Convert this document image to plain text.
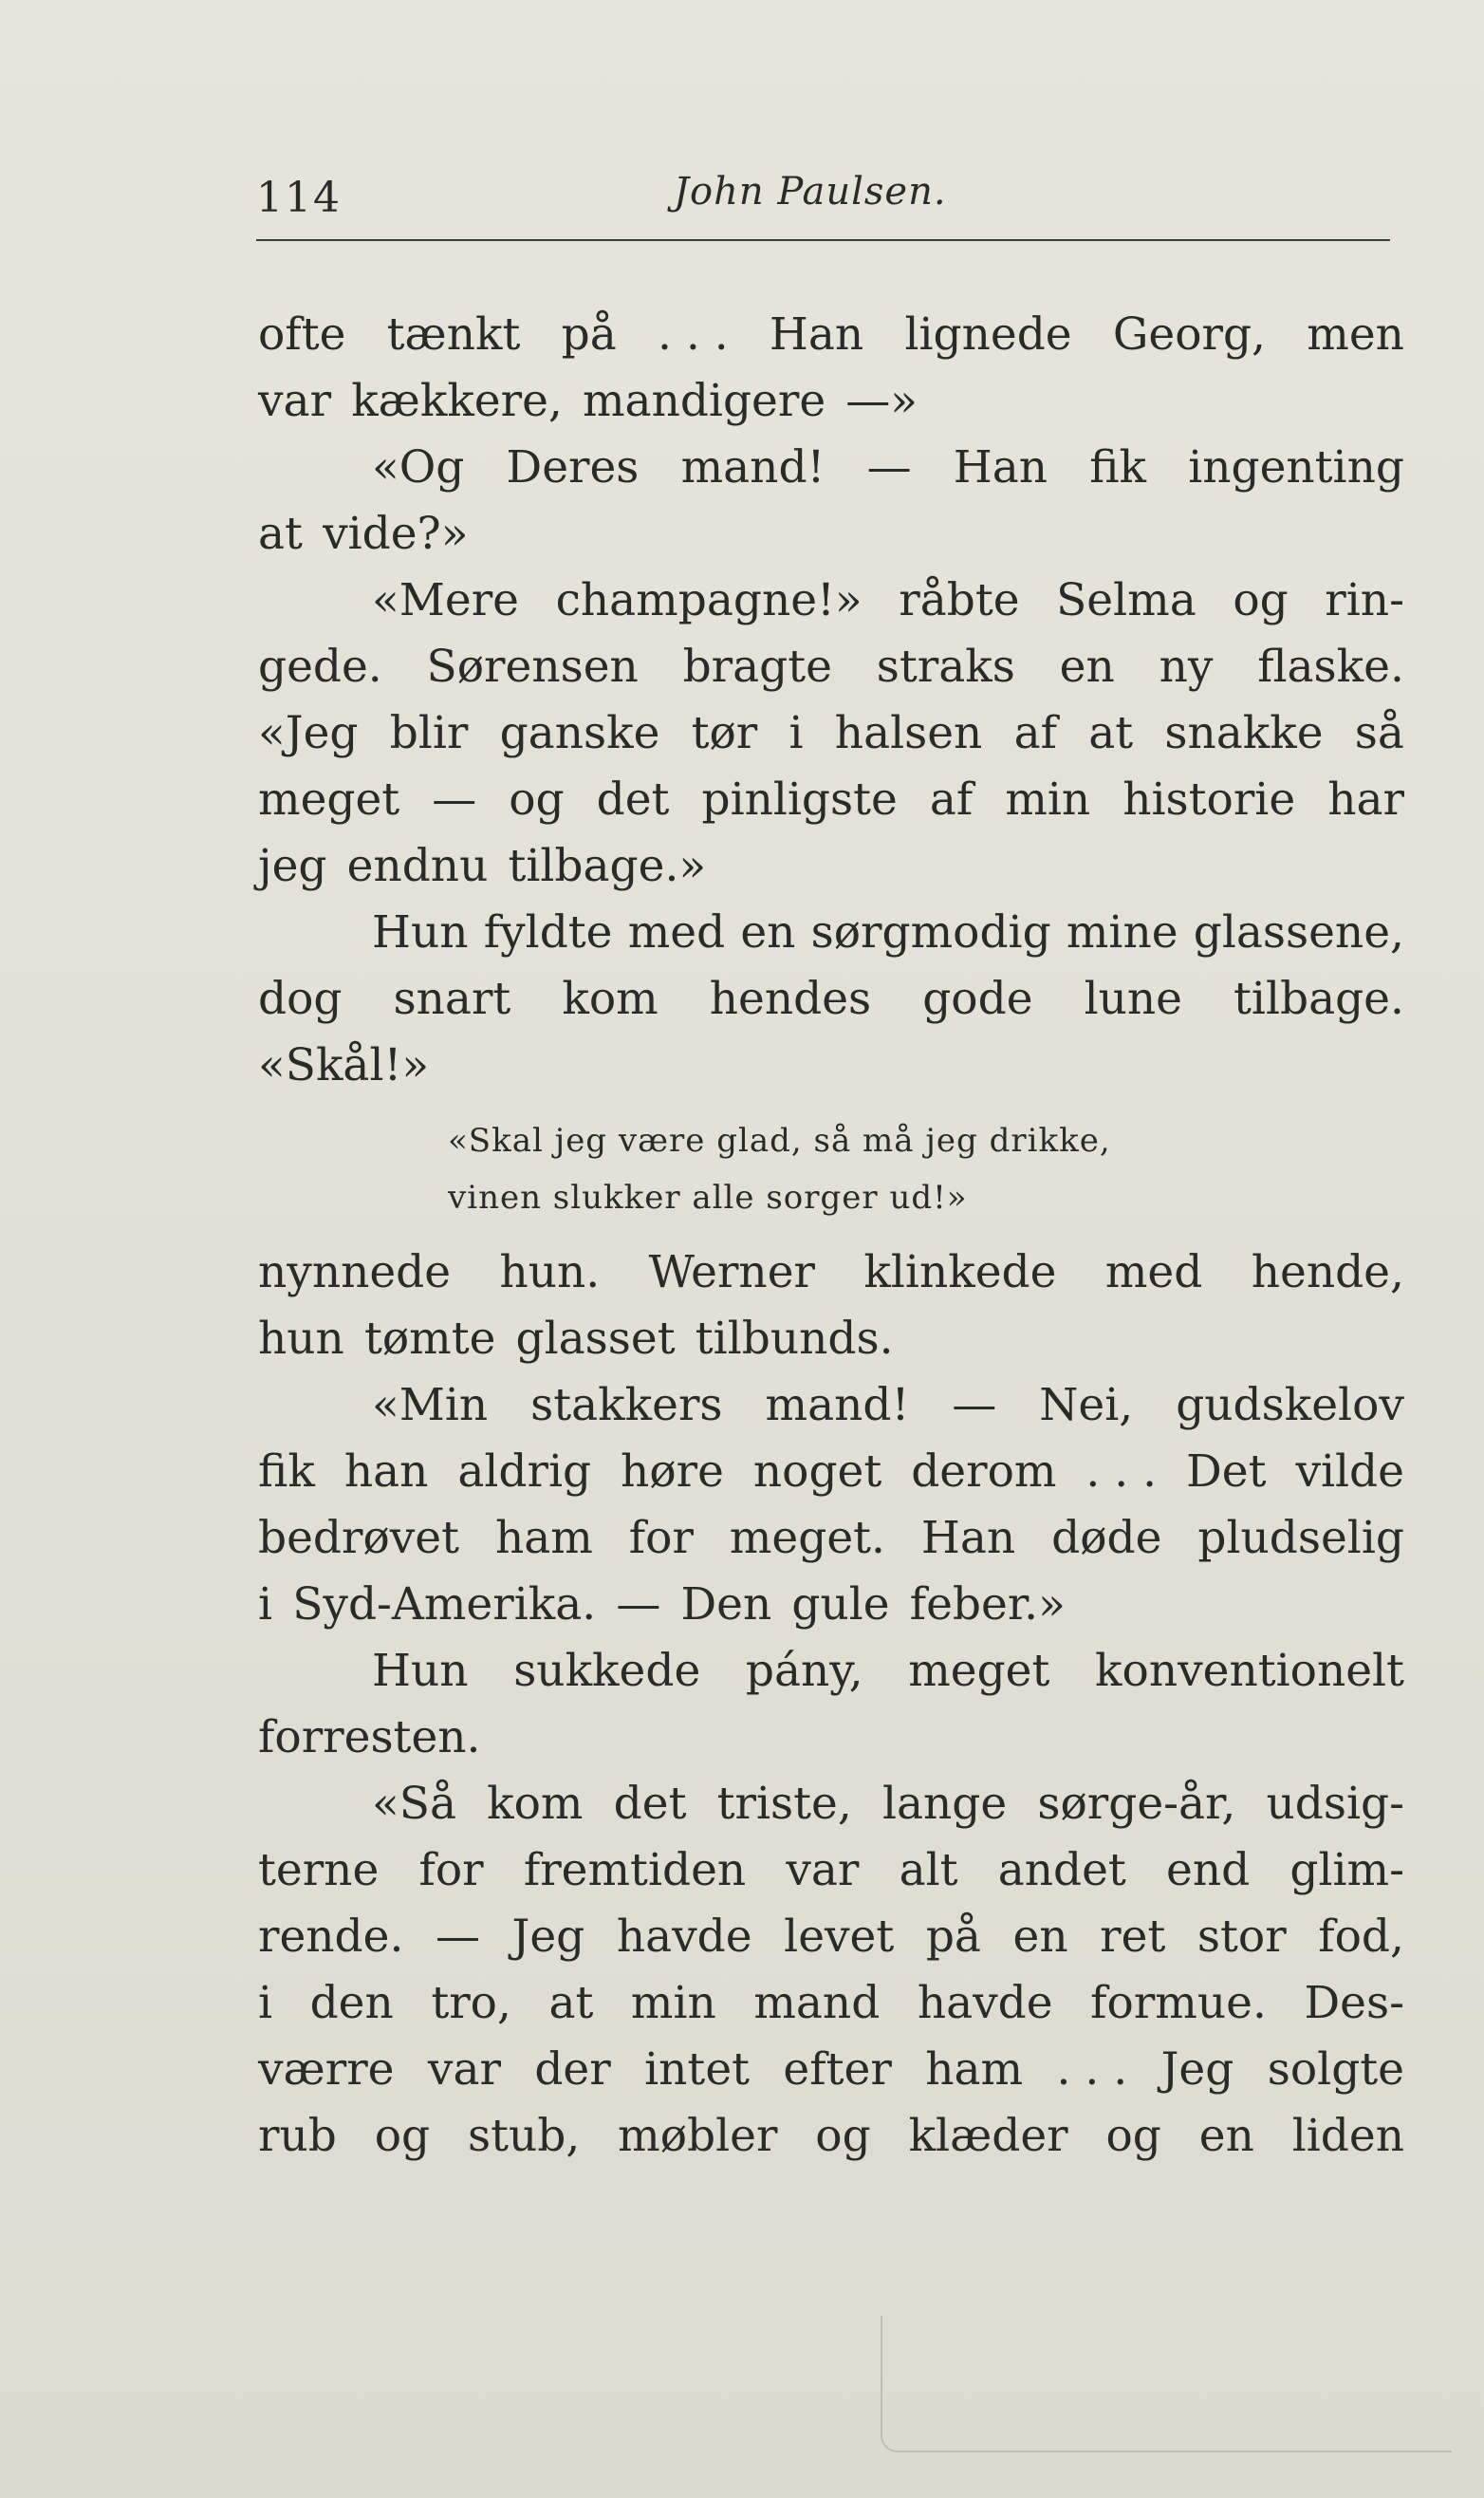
114	John Paulsen.
ofte tænkt på . . . Han lignede Georg, men
var kækkere, mandigere —»
«Og Deres mand! — Han fik ingenting
at vide?»
«Mere champagne!» råbte Selma og rin-
gede. Sørensen bragte straks en ny flaske.
«Jeg blir ganske tør i halsen af at snakke så
meget — og det pinligste af min historie har
jeg endnu tilbage.»
Hun fyldte med en sørgmodig mine glassene,
dog snart kom hendes gode lune tilbage.
«Skål!»
«Skal jeg være glad, så må jeg drikke,
vinen slukker alle sorger ud!»
nynnede hun. Werner klinkede med hende,
hun tømte glasset tilbunds.
«Min stakkers mand! — Nei, gudskelov
fik han aldrig høre noget derom . . . Det vilde
bedrøvet ham for meget. Han døde pludselig
i Syd-Amerika. — Den gule feber.»
Hun sukkede pány, meget konventionelt
forresten.
«Så kom det triste, lange sørge-år, udsig-
terne for fremtiden var alt andet end glim-
rende. — Jeg havde levet på en ret stor fod,
i den tro, at min mand havde formue. Des-
værre var der intet efter ham . . . Jeg solgte
rub og stub, møbler og klæder og en liden
